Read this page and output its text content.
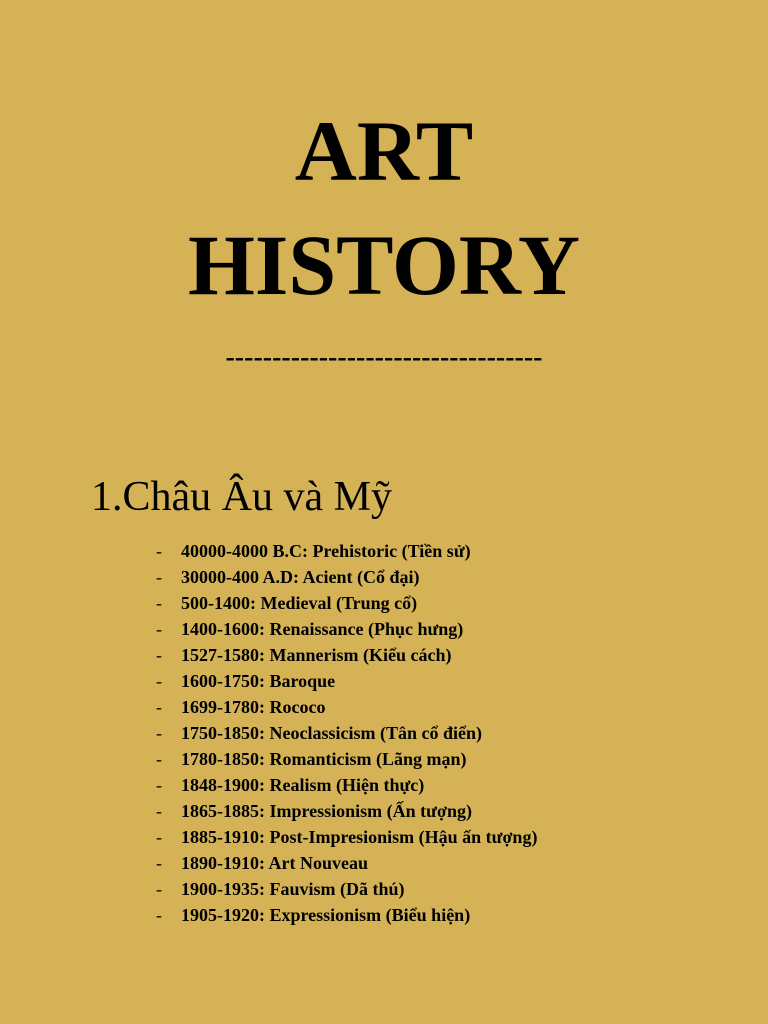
ART
HISTORY
----------------------------------
1.Châu Âu và Mỹ
-	40000-4000 B.C: Prehistoric (Tiền sử)
-	30000-400 A.D: Acient (Cổ đại)
-	500-1400: Medieval (Trung cổ)
-	1400-1600: Renaissance (Phục hưng)
-	1527-1580: Mannerism (Kiểu cách)
-	1600-1750: Baroque
-	1699-1780: Rococo
-	1750-1850: Neoclassicism (Tân cổ điển)
-	1780-1850: Romanticism (Lãng mạn)
-	1848-1900: Realism (Hiện thực)
-	1865-1885: Impressionism (Ấn tượng)
-	1885-1910: Post-Impresionism (Hậu ấn tượng)
-	1890-1910: Art Nouveau
-	1900-1935: Fauvism (Dã thú)
-	1905-1920: Expressionism (Biểu hiện)
